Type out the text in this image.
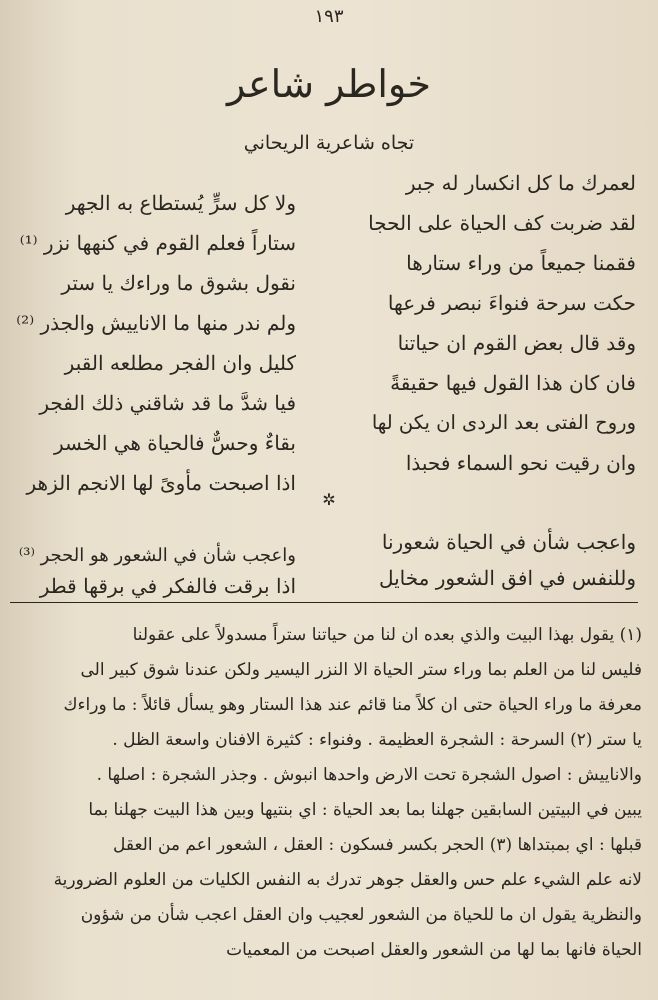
١٩٣
خواطر شاعر
تجاه شاعرية الريحاني
لعمرك ما كل انكسار له جبر
لقد ضربت كف الحياة على الحجا
فقمنا جميعاً من وراء ستارها
حكت سرحة فنواءَ نبصر فرعها
وقد قال بعض القوم ان حياتنا
فان كان هذا القول فيها حقيقةً
وروح الفتى بعد الردى ان يكن لها
وان رقيت نحو السماء فحبذا
ولا كل سرٍّ يُستطاع به الجهر
ستاراً فعلم القوم في كنهها نزر ⁽¹⁾
نقول بشوق ما وراءك يا ستر
ولم ندر منها ما الاناييش والجذر ⁽²⁾
كليل وان الفجر مطلعه القبر
فيا شدَّ ما قد شاقني ذلك الفجر
بقاءٌ وحسٌّ فالحياة هي الخسر
اذا اصبحت مأوىً لها الانجم الزهر
✲
واعجب شأن في الحياة شعورنا
وللنفس في افق الشعور مخايل
واعجب شأن في الشعور هو الحجر ⁽³⁾
اذا برقت فالفكر في برقها قطر
(١) يقول بهذا البيت والذي بعده ان لنا من حياتنا ستراً مسدولاً على عقولنا
فليس لنا من العلم بما وراء ستر الحياة الا النزر اليسير ولكن عندنا شوق كبير الى
معرفة ما وراء الحياة حتى ان كلاً منا قائم عند هذا الستار وهو يسأل قائلاً : ما وراءك
يا ستر (٢) السرحة : الشجرة العظيمة . وفنواء : كثيرة الافنان واسعة الظل .
والاناييش : اصول الشجرة تحت الارض واحدها انبوش . وجذر الشجرة : اصلها .
يبين في البيتين السابقين جهلنا بما بعد الحياة : اي بنتيها وبين هذا البيت جهلنا بما
قبلها : اي بمبتداها (٣) الحجر بكسر فسكون : العقل ، الشعور اعم من العقل
لانه علم الشيء علم حس والعقل جوهر تدرك به النفس الكليات من العلوم الضرورية
والنظرية يقول ان ما للحياة من الشعور لعجيب وان العقل اعجب شأن من شؤون
الحياة فانها بما لها من الشعور والعقل اصبحت من المعميات
